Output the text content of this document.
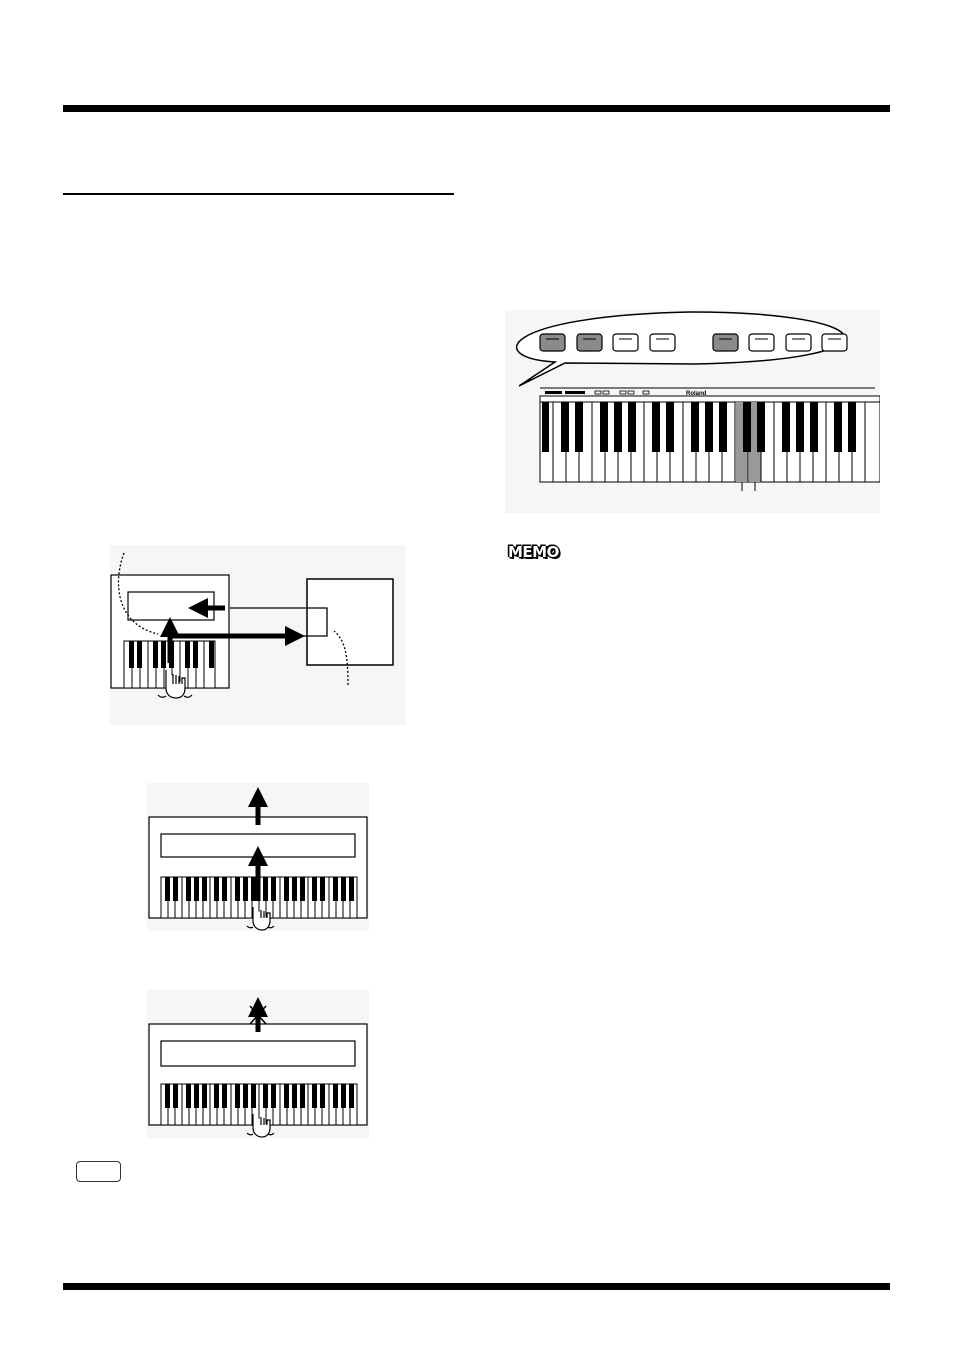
Roland
MEMO
